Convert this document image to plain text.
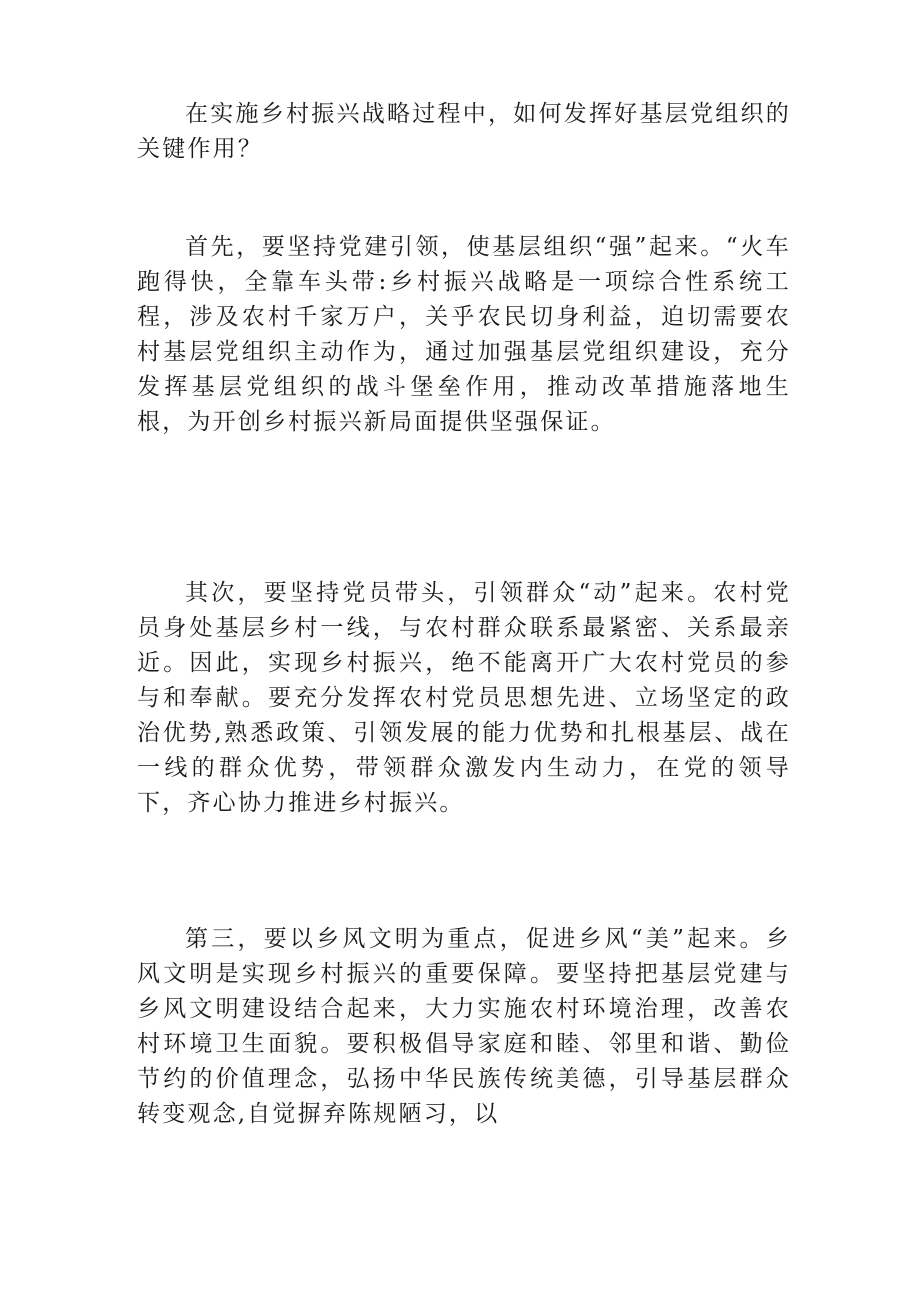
在实施乡村振兴战略过程中，如何发挥好基层党组织的关键作用？

首先，要坚持党建引领，使基层组织“强”起来。“火车跑得快，全靠车头带:乡村振兴战略是一项综合性系统工程，涉及农村千家万户，关乎农民切身利益，迫切需要农村基层党组织主动作为，通过加强基层党组织建设，充分发挥基层党组织的战斗堡垒作用，推动改革措施落地生根，为开创乡村振兴新局面提供坚强保证。

其次，要坚持党员带头，引领群众“动”起来。农村党员身处基层乡村一线，与农村群众联系最紧密、关系最亲近。因此，实现乡村振兴，绝不能离开广大农村党员的参与和奉献。要充分发挥农村党员思想先进、立场坚定的政治优势,熟悉政策、引领发展的能力优势和扎根基层、战在一线的群众优势，带领群众激发内生动力，在党的领导下，齐心协力推进乡村振兴。

第三，要以乡风文明为重点，促进乡风“美”起来。乡风文明是实现乡村振兴的重要保障。要坚持把基层党建与乡风文明建设结合起来，大力实施农村环境治理，改善农村环境卫生面貌。要积极倡导家庭和睦、邻里和谐、勤俭节约的价值理念，弘扬中华民族传统美德，引导基层群众转变观念,自觉摒弃陈规陋习，以
